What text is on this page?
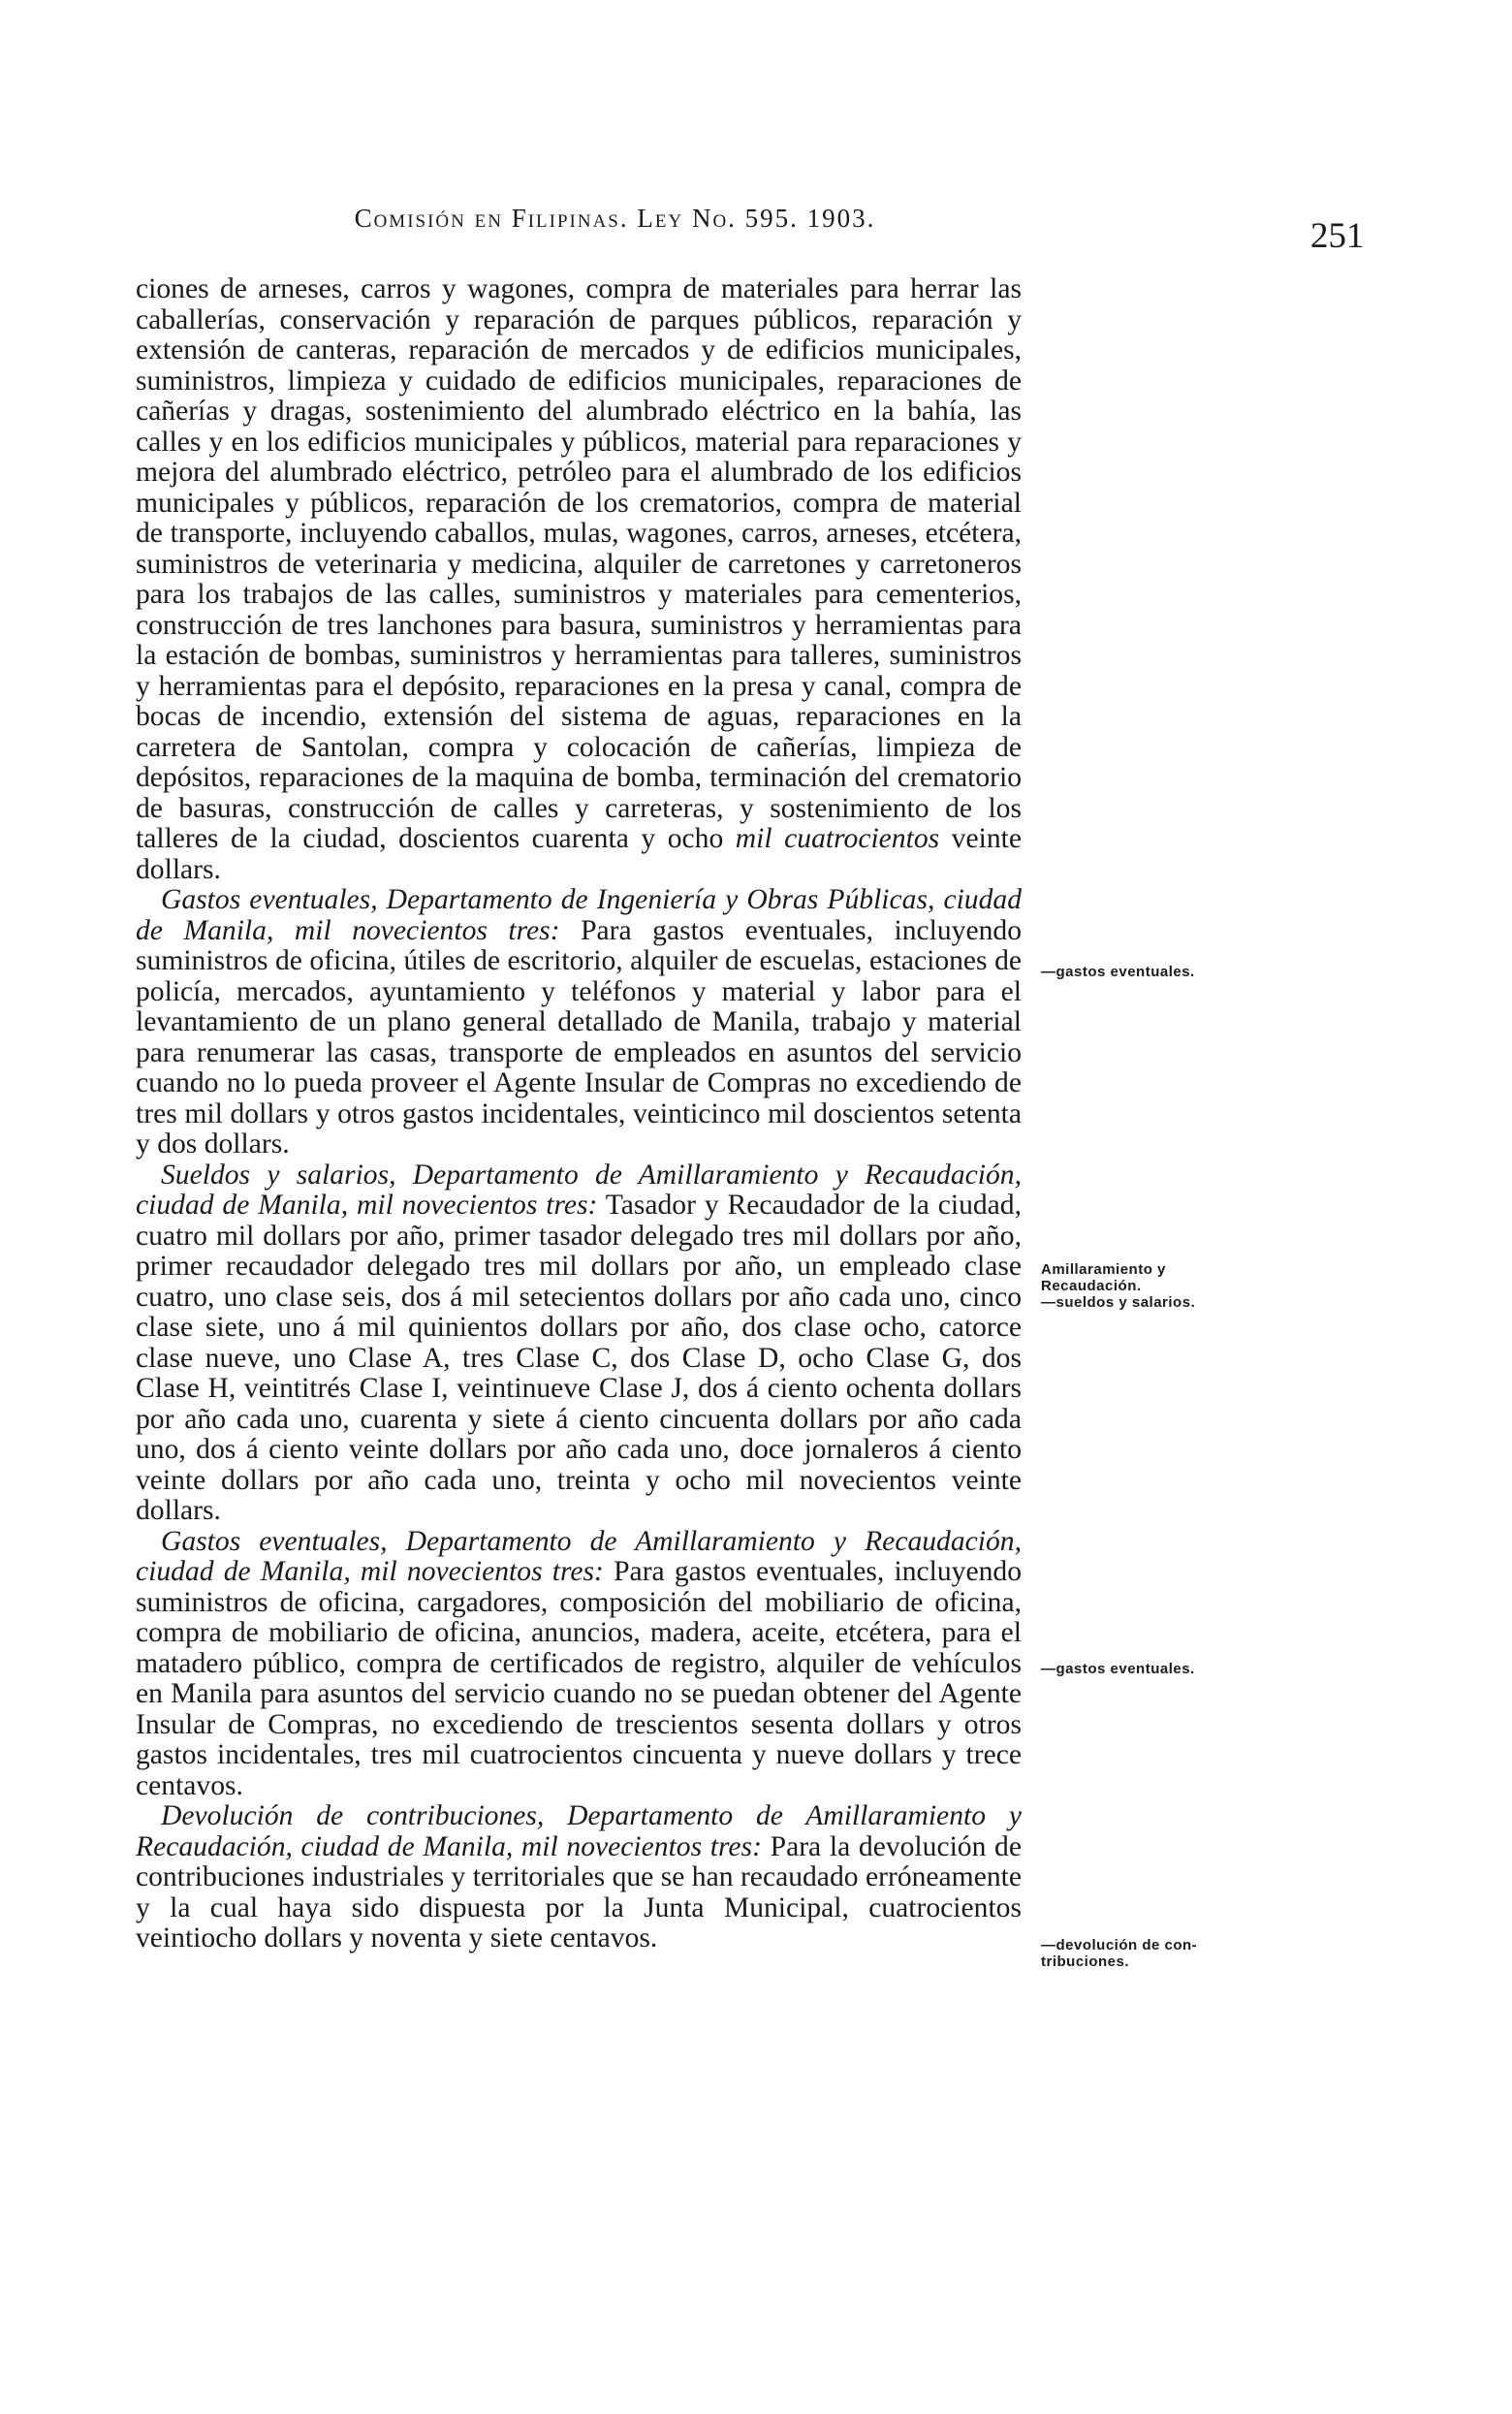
Comisión en Filipinas. Ley No. 595. 1903.	251

ciones de arneses, carros y wagones, compra de materiales para herrar las caballerías, conservación y reparación de parques públicos, reparación y extensión de canteras, reparación de mercados y de edificios municipales, suministros, limpieza y cuidado de edificios municipales, reparaciones de cañerías y dragas, sostenimiento del alumbrado eléctrico en la bahía, las calles y en los edificios municipales y públicos, material para reparaciones y mejora del alumbrado eléctrico, petróleo para el alumbrado de los edificios municipales y públicos, reparación de los crematorios, compra de material de transporte, incluyendo caballos, mulas, wagones, carros, arneses, etcétera, suministros de veterinaria y medicina, alquiler de carretones y carretoneros para los trabajos de las calles, suministros y materiales para cementerios, construcción de tres lanchones para basura, suministros y herramientas para la estación de bombas, suministros y herramientas para talleres, suministros y herramientas para el depósito, reparaciones en la presa y canal, compra de bocas de incendio, extensión del sistema de aguas, reparaciones en la carretera de Santolan, compra y colocación de cañerías, limpieza de depósitos, reparaciones de la maquina de bomba, terminación del crematorio de basuras, construcción de calles y carreteras, y sostenimiento de los talleres de la ciudad, doscientos cuarenta y ocho mil cuatrocientos veinte dollars.

Gastos eventuales, Departamento de Ingeniería y Obras Públicas, ciudad de Manila, mil novecientos tres: Para gastos eventuales, incluyendo suministros de oficina, útiles de escritorio, alquiler de escuelas, estaciones de policía, mercados, ayuntamiento y teléfonos y material y labor para el levantamiento de un plano general detallado de Manila, trabajo y material para renumerar las casas, transporte de empleados en asuntos del servicio cuando no lo pueda proveer el Agente Insular de Compras no excediendo de tres mil dollars y otros gastos incidentales, veinticinco mil doscientos setenta y dos dollars.

Sueldos y salarios, Departamento de Amillaramiento y Recaudación, ciudad de Manila, mil novecientos tres: Tasador y Recaudador de la ciudad, cuatro mil dollars por año, primer tasador delegado tres mil dollars por año, primer recaudador delegado tres mil dollars por año, un empleado clase cuatro, uno clase seis, dos á mil setecientos dollars por año cada uno, cinco clase siete, uno á mil quinientos dollars por año, dos clase ocho, catorce clase nueve, uno Clase A, tres Clase C, dos Clase D, ocho Clase G, dos Clase H, veintitrés Clase I, veintinueve Clase J, dos á ciento ochenta dollars por año cada uno, cuarenta y siete á ciento cincuenta dollars por año cada uno, dos á ciento veinte dollars por año cada uno, doce jornaleros á ciento veinte dollars por año cada uno, treinta y ocho mil novecientos veinte dollars.

Gastos eventuales, Departamento de Amillaramiento y Recaudación, ciudad de Manila, mil novecientos tres: Para gastos eventuales, incluyendo suministros de oficina, cargadores, composición del mobiliario de oficina, compra de mobiliario de oficina, anuncios, madera, aceite, etcétera, para el matadero público, compra de certificados de registro, alquiler de vehículos en Manila para asuntos del servicio cuando no se puedan obtener del Agente Insular de Compras, no excediendo de trescientos sesenta dollars y otros gastos incidentales, tres mil cuatrocientos cincuenta y nueve dollars y trece centavos.

Devolución de contribuciones, Departamento de Amillaramiento y Recaudación, ciudad de Manila, mil novecientos tres: Para la devolución de contribuciones industriales y territoriales que se han recaudado erróneamente y la cual haya sido dispuesta por la Junta Municipal, cuatrocientos veintiocho dollars y noventa y siete centavos.

—gastos eventuales.
Amillaramiento y
Recaudación.
—sueldos y salarios.
—gastos eventuales.
—devolución de con-
tribuciones.
